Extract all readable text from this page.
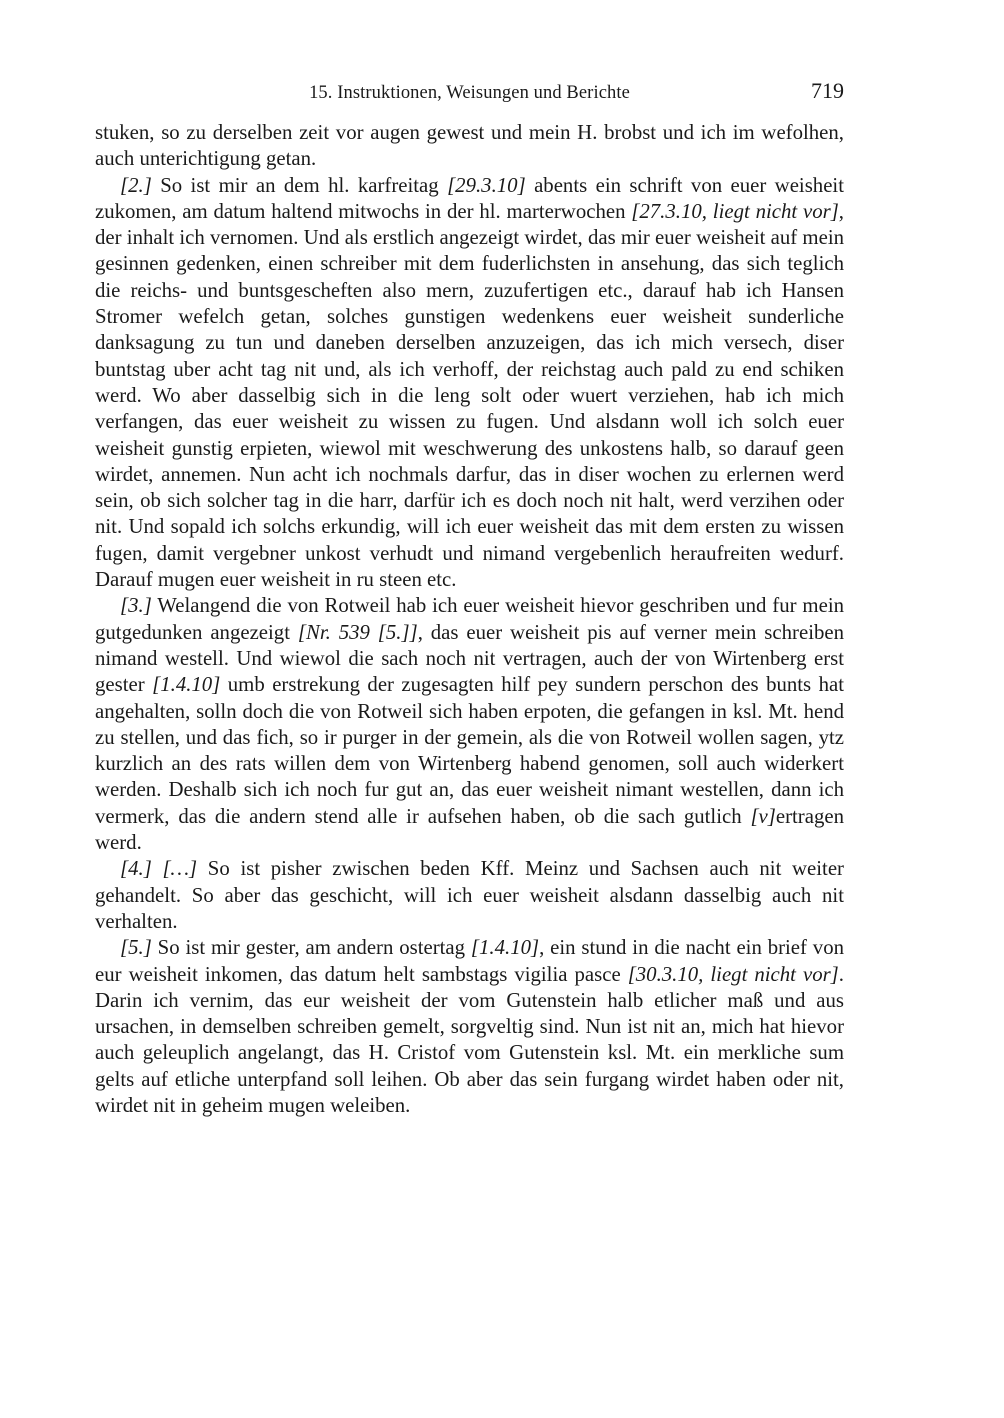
15. Instruktionen, Weisungen und Berichte	719

stuken, so zu derselben zeit vor augen gewest und mein H. brobst und ich im wefolhen, auch unterichtigung getan.

[2.] So ist mir an dem hl. karfreitag [29.3.10] abents ein schrift von euer weisheit zukomen, am datum haltend mitwochs in der hl. marterwochen [27.3.10, liegt nicht vor], der inhalt ich vernomen. Und als erstlich angezeigt wirdet, das mir euer weisheit auf mein gesinnen gedenken, einen schreiber mit dem fuderlichsten in ansehung, das sich teglich die reichs- und buntsgescheften also mern, zuzufertigen etc., darauf hab ich Hansen Stromer wefelch getan, solches gunstigen wedenkens euer weisheit sunderliche danksagung zu tun und daneben derselben anzuzeigen, das ich mich versech, diser buntstag uber acht tag nit und, als ich verhoff, der reichstag auch pald zu end schiken werd. Wo aber dasselbig sich in die leng solt oder wuert verziehen, hab ich mich verfangen, das euer weisheit zu wissen zu fugen. Und alsdann woll ich solch euer weisheit gunstig erpieten, wiewol mit weschwerung des unkostens halb, so darauf geen wirdet, annemen. Nun acht ich nochmals darfur, das in diser wochen zu erlernen werd sein, ob sich solcher tag in die harr, darfür ich es doch noch nit halt, werd verzihen oder nit. Und sopald ich solchs erkundig, will ich euer weisheit das mit dem ersten zu wissen fugen, damit vergebner unkost verhudt und nimand vergebenlich heraufreiten wedurf. Darauf mugen euer weisheit in ru steen etc.

[3.] Welangend die von Rotweil hab ich euer weisheit hievor geschriben und fur mein gutgedunken angezeigt [Nr. 539 [5.]], das euer weisheit pis auf verner mein schreiben nimand westell. Und wiewol die sach noch nit vertragen, auch der von Wirtenberg erst gester [1.4.10] umb erstrekung der zugesagten hilf pey sundern perschon des bunts hat angehalten, solln doch die von Rotweil sich haben erpoten, die gefangen in ksl. Mt. hend zu stellen, und das fich, so ir purger in der gemein, als die von Rotweil wollen sagen, ytz kurzlich an des rats willen dem von Wirtenberg habend genomen, soll auch widerkert werden. Deshalb sich ich noch fur gut an, das euer weisheit nimant westellen, dann ich vermerk, das die andern stend alle ir aufsehen haben, ob die sach gutlich [v]ertragen werd.

[4.] […] So ist pisher zwischen beden Kff. Meinz und Sachsen auch nit weiter gehandelt. So aber das geschicht, will ich euer weisheit alsdann dasselbig auch nit verhalten.

[5.] So ist mir gester, am andern ostertag [1.4.10], ein stund in die nacht ein brief von eur weisheit inkomen, das datum helt sambstags vigilia pasce [30.3.10, liegt nicht vor]. Darin ich vernim, das eur weisheit der vom Gutenstein halb etlicher maß und aus ursachen, in demselben schreiben gemelt, sorgveltig sind. Nun ist nit an, mich hat hievor auch geleuplich angelangt, das H. Cristof vom Gutenstein ksl. Mt. ein merkliche sum gelts auf etliche unterpfand soll leihen. Ob aber das sein furgang wirdet haben oder nit, wirdet nit in geheim mugen weleiben.
